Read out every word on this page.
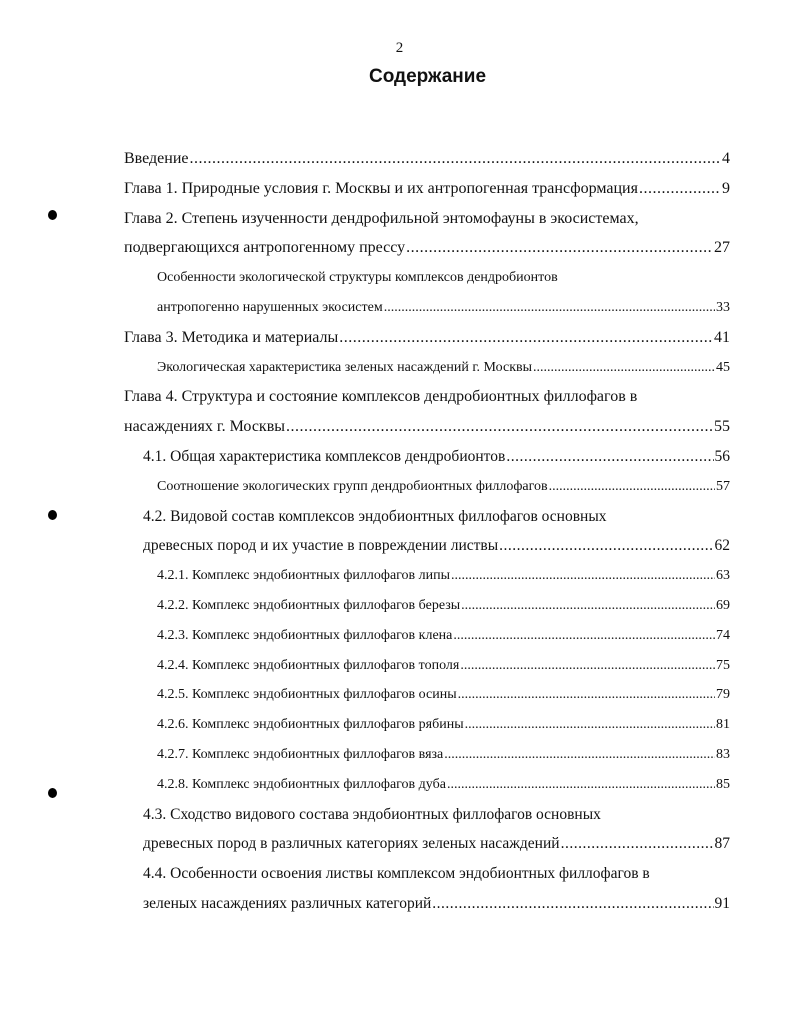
2
Содержание
Введение .....	4
Глава 1. Природные условия г. Москвы и их антропогенная трансформация .....	9
Глава 2. Степень изученности дендрофильной энтомофауны в экосистемах,
подвергающихся антропогенному прессу .....	27
Особенности экологической структуры комплексов дендробионтов
антропогенно нарушенных экосистем .....	33
Глава 3. Методика и материалы .....	41
Экологическая характеристика зеленых насаждений г. Москвы .....	45
Глава 4. Структура и состояние комплексов дендробионтных филлофагов в
насаждениях г. Москвы .....	55
4.1. Общая характеристика комплексов дендробионтов .....	56
Соотношение экологических групп дендробионтных филлофагов .....	57
4.2. Видовой состав комплексов эндобионтных филлофагов основных
древесных пород и их участие в повреждении листвы .....	62
4.2.1. Комплекс эндобионтных филлофагов липы .....	63
4.2.2. Комплекс эндобионтных филлофагов березы .....	69
4.2.3. Комплекс эндобионтных филлофагов клена .....	74
4.2.4. Комплекс эндобионтных филлофагов тополя .....	75
4.2.5. Комплекс эндобионтных филлофагов осины .....	79
4.2.6. Комплекс эндобионтных филлофагов рябины .....	81
4.2.7. Комплекс эндобионтных филлофагов вяза .....	83
4.2.8. Комплекс эндобионтных филлофагов дуба .....	85
4.3. Сходство видового состава эндобионтных филлофагов основных
древесных пород в различных категориях зеленых насаждений .....	87
4.4. Особенности освоения листвы комплексом эндобионтных филлофагов в
зеленых насаждениях различных категорий .....	91
